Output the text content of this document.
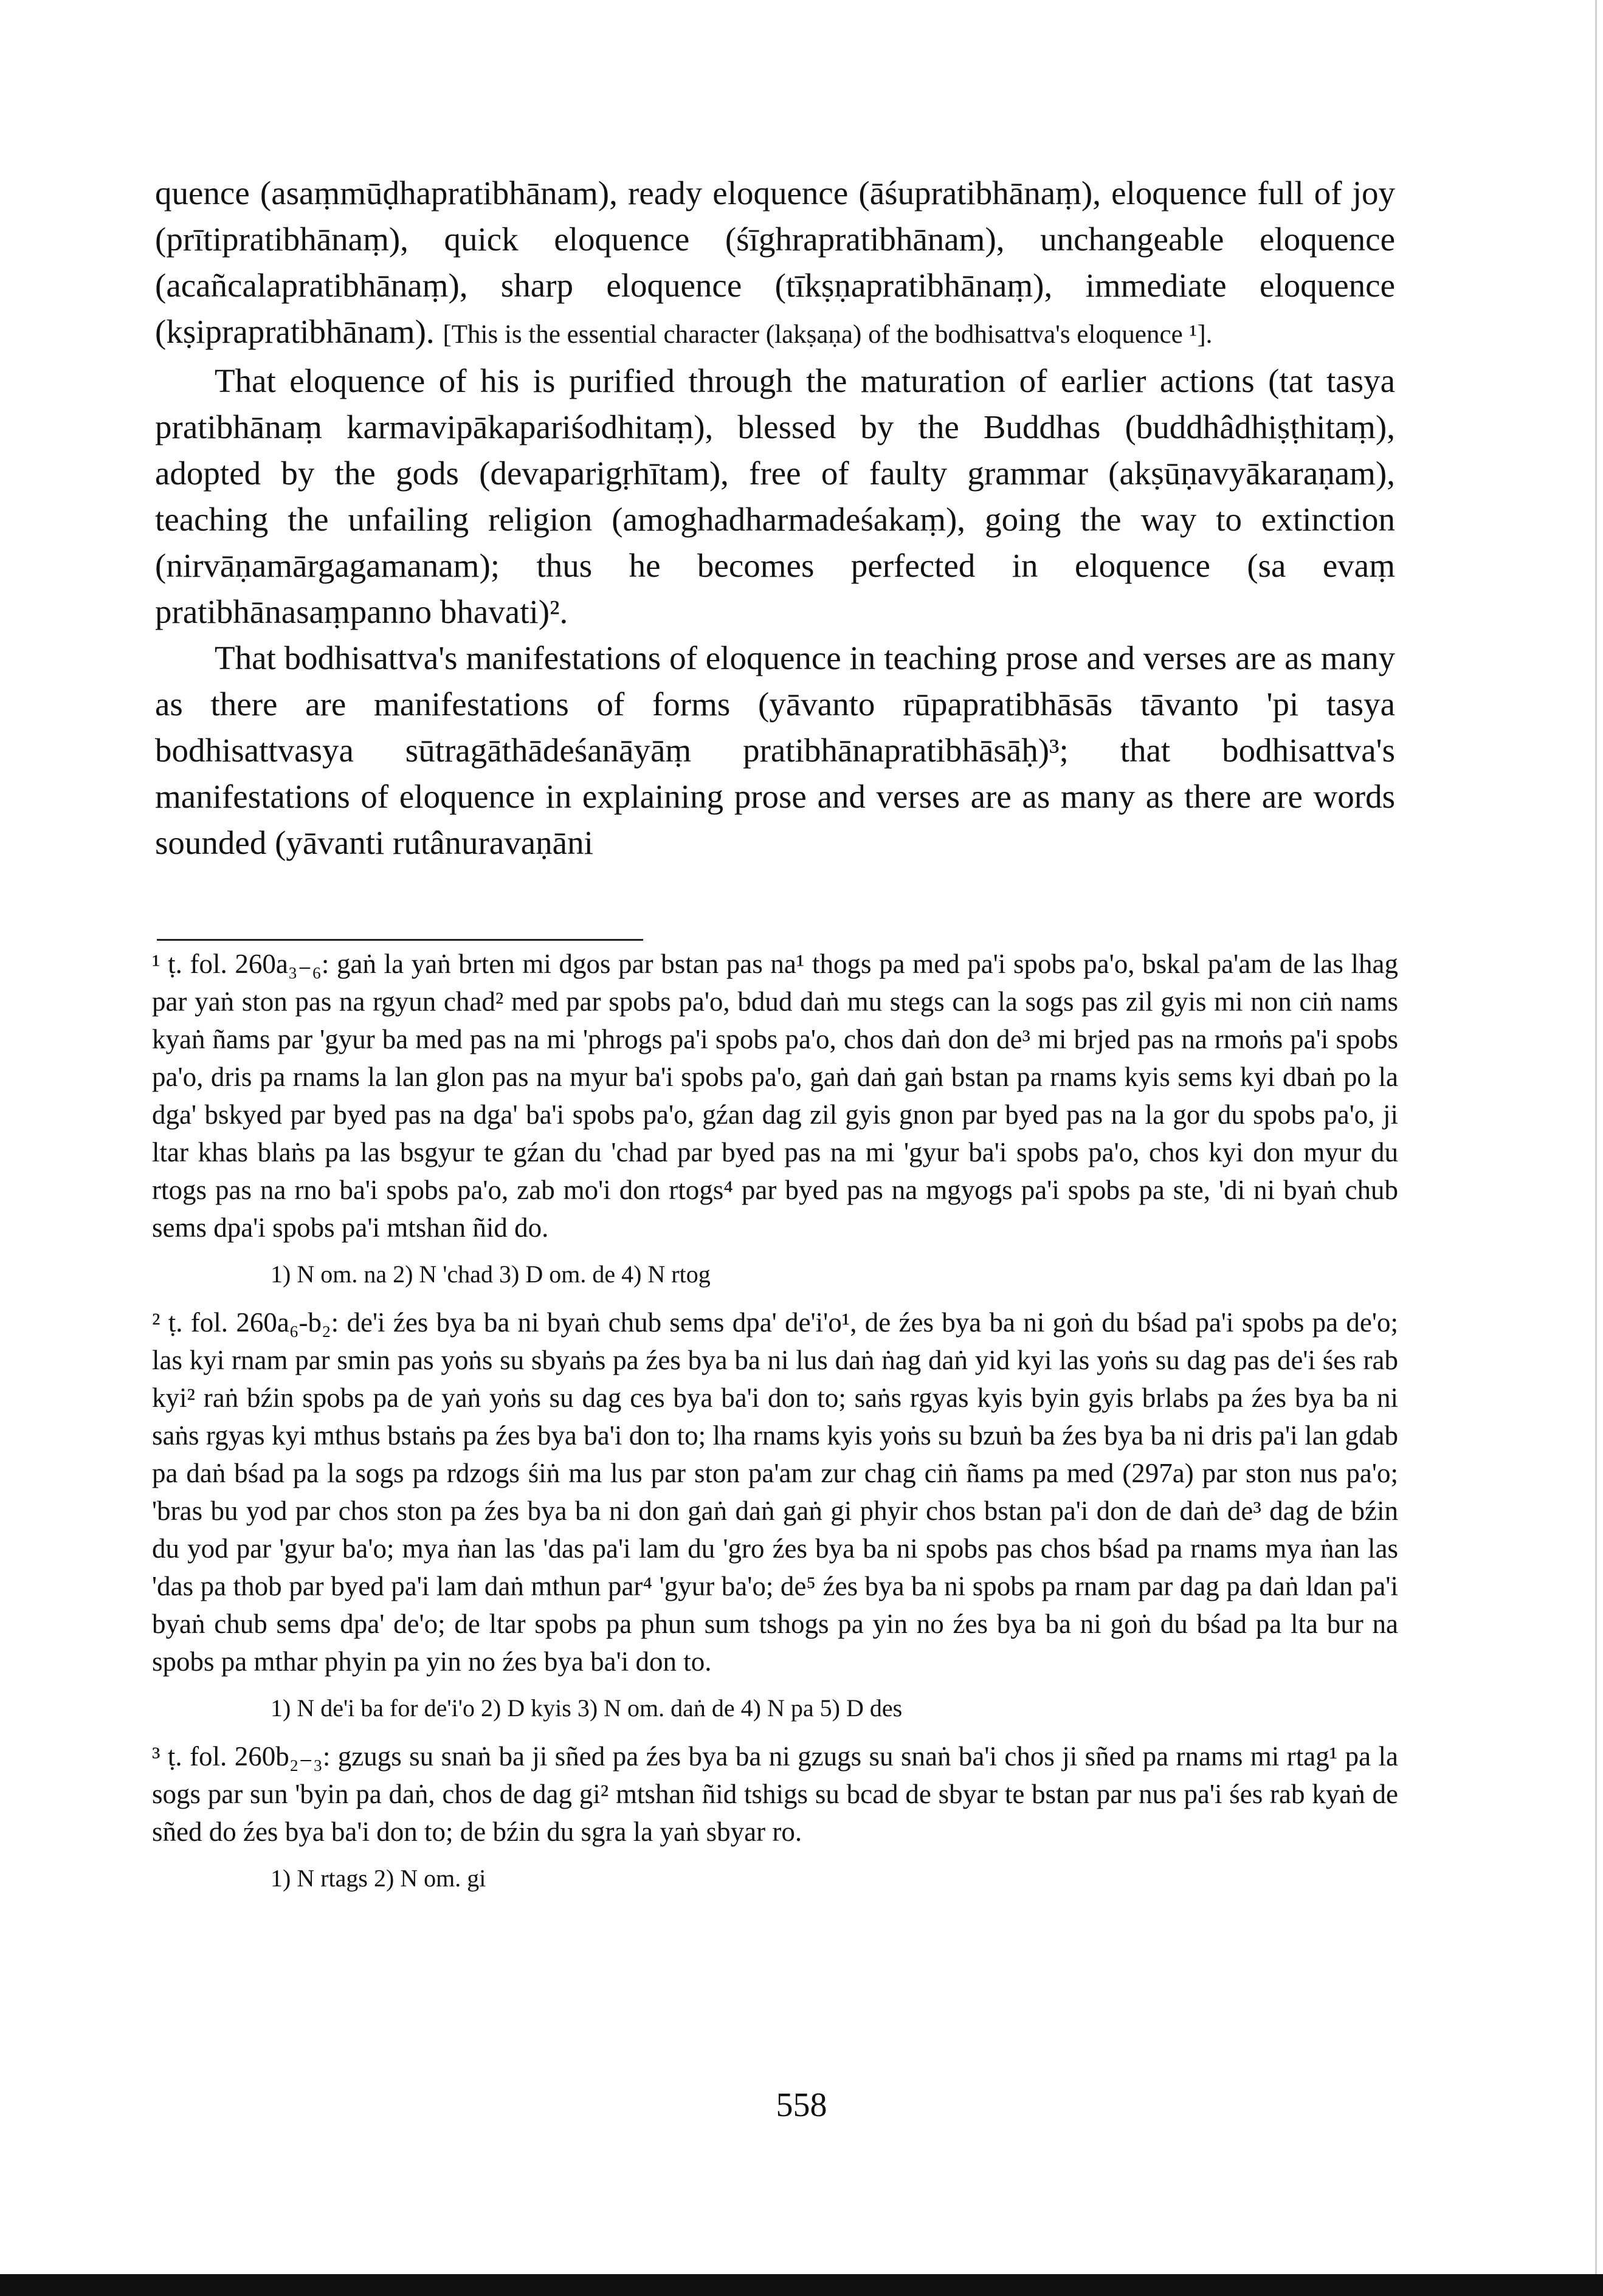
quence (asaṃmūḍhapratibhānam), ready eloquence (āśupratibhānaṃ), eloquence full of joy (prītipratibhānaṃ), quick eloquence (śīghrapratibhānam), unchangeable eloquence (acañcalapratibhānaṃ), sharp eloquence (tīkṣṇapratibhānaṃ), immediate eloquence (kṣiprapratibhānam). [This is the essential character (lakṣaṇa) of the bodhisattva's eloquence ¹].

That eloquence of his is purified through the maturation of earlier actions (tat tasya pratibhānaṃ karmavipākapariśodhitaṃ), blessed by the Buddhas (buddhâdhiṣṭhitaṃ), adopted by the gods (devaparigṛhītam), free of faulty grammar (akṣūṇavyākaraṇam), teaching the unfailing religion (amoghadharmadeśakaṃ), going the way to extinction (nirvāṇamārgagamanam); thus he becomes perfected in eloquence (sa evaṃ pratibhānasaṃpanno bhavati)².

That bodhisattva's manifestations of eloquence in teaching prose and verses are as many as there are manifestations of forms (yāvanto rūpapratibhāsās tāvanto 'pi tasya bodhisattvasya sūtragāthādeśanāyāṃ pratibhānapratibhāsāḥ)³; that bodhisattva's manifestations of eloquence in explaining prose and verses are as many as there are words sounded (yāvanti rutânuravaṇāni

¹ ṭ. fol. 260a₃₋₆: gaṅ la yaṅ brten mi dgos par bstan pas na¹ thogs pa med pa'i spobs pa'o, bskal pa'am de las lhag par yaṅ ston pas na rgyun chad² med par spobs pa'o, bdud daṅ mu stegs can la sogs pas zil gyis mi non ciṅ nams kyaṅ ñams par 'gyur ba med pas na mi 'phrogs pa'i spobs pa'o, chos daṅ don de³ mi brjed pas na rmoṅs pa'i spobs pa'o, dris pa rnams la lan glon pas na myur ba'i spobs pa'o, gaṅ daṅ gaṅ bstan pa rnams kyis sems kyi dbaṅ po la dga' bskyed par byed pas na dga' ba'i spobs pa'o, gźan dag zil gyis gnon par byed pas na la gor du spobs pa'o, ji ltar khas blaṅs pa las bsgyur te gźan du 'chad par byed pas na mi 'gyur ba'i spobs pa'o, chos kyi don myur du rtogs pas na rno ba'i spobs pa'o, zab mo'i don rtogs⁴ par byed pas na mgyogs pa'i spobs pa ste, 'di ni byaṅ chub sems dpa'i spobs pa'i mtshan ñid do.

1) N om. na 2) N 'chad 3) D om. de 4) N rtog

² ṭ. fol. 260a₆-b₂: de'i źes bya ba ni byaṅ chub sems dpa' de'i'o¹, de źes bya ba ni goṅ du bśad pa'i spobs pa de'o; las kyi rnam par smin pas yoṅs su sbyaṅs pa źes bya ba ni lus daṅ ṅag daṅ yid kyi las yoṅs su dag pas de'i śes rab kyi² raṅ bźin spobs pa de yaṅ yoṅs su dag ces bya ba'i don to; saṅs rgyas kyis byin gyis brlabs pa źes bya ba ni saṅs rgyas kyi mthus bstaṅs pa źes bya ba'i don to; lha rnams kyis yoṅs su bzuṅ ba źes bya ba ni dris pa'i lan gdab pa daṅ bśad pa la sogs pa rdzogs śiṅ ma lus par ston pa'am zur chag ciṅ ñams pa med (297a) par ston nus pa'o; 'bras bu yod par chos ston pa źes bya ba ni don gaṅ daṅ gaṅ gi phyir chos bstan pa'i don de daṅ de³ dag de bźin du yod par 'gyur ba'o; mya ṅan las 'das pa'i lam du 'gro źes bya ba ni spobs pas chos bśad pa rnams mya ṅan las 'das pa thob par byed pa'i lam daṅ mthun par⁴ 'gyur ba'o; de⁵ źes bya ba ni spobs pa rnam par dag pa daṅ ldan pa'i byaṅ chub sems dpa' de'o; de ltar spobs pa phun sum tshogs pa yin no źes bya ba ni goṅ du bśad pa lta bur na spobs pa mthar phyin pa yin no źes bya ba'i don to.

1) N de'i ba for de'i'o 2) D kyis 3) N om. daṅ de 4) N pa 5) D des

³ ṭ. fol. 260b₂₋₃: gzugs su snaṅ ba ji sñed pa źes bya ba ni gzugs su snaṅ ba'i chos ji sñed pa rnams mi rtag¹ pa la sogs par sun 'byin pa daṅ, chos de dag gi² mtshan ñid tshigs su bcad de sbyar te bstan par nus pa'i śes rab kyaṅ de sñed do źes bya ba'i don to; de bźin du sgra la yaṅ sbyar ro.

1) N rtags 2) N om. gi

558
